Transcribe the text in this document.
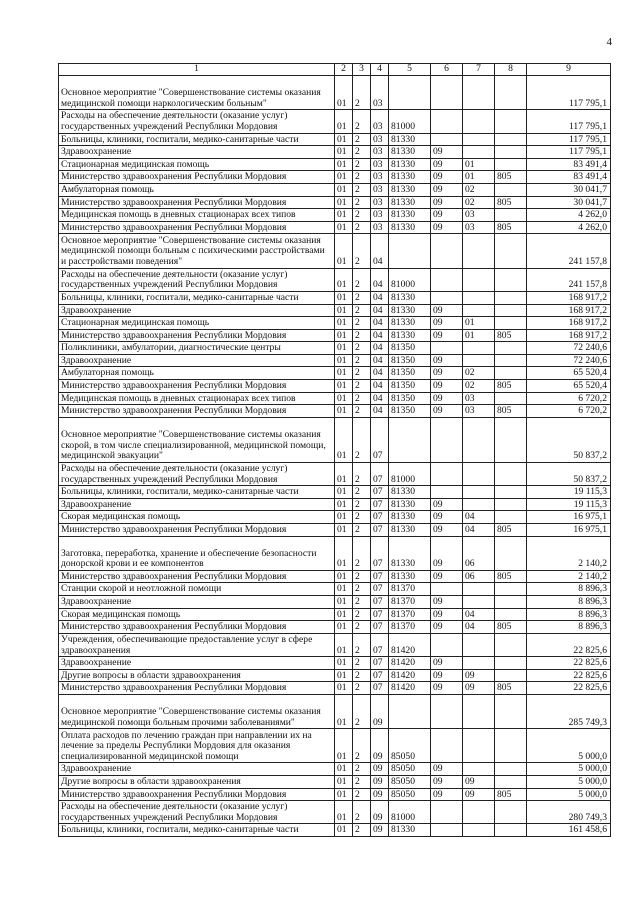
4
1	2	3	4	5	6	7	8	9
Основное мероприятие "Совершенствование системы оказания медицинской помощи наркологическим больным"	01	2	03					117 795,1
Расходы на обеспечение деятельности (оказание услуг) государственных учреждений Республики Мордовия	01	2	03	81000				117 795,1
Больницы, клиники, госпитали, медико-санитарные части	01	2	03	81330				117 795,1
Здравоохранение	01	2	03	81330	09			117 795,1
Стационарная медицинская помощь	01	2	03	81330	09	01		83 491,4
Министерство здравоохранения Республики Мордовия	01	2	03	81330	09	01	805	83 491,4
Амбулаторная помощь	01	2	03	81330	09	02		30 041,7
Министерство здравоохранения Республики Мордовия	01	2	03	81330	09	02	805	30 041,7
Медицинская помощь в дневных стационарах всех типов	01	2	03	81330	09	03		4 262,0
Министерство здравоохранения Республики Мордовия	01	2	03	81330	09	03	805	4 262,0
Основное мероприятие "Совершенствование системы оказания медицинской помощи больным с психическими расстройствами и расстройствами поведения"	01	2	04					241 157,8
Расходы на обеспечение деятельности (оказание услуг) государственных учреждений Республики Мордовия	01	2	04	81000				241 157,8
Больницы, клиники, госпитали, медико-санитарные части	01	2	04	81330				168 917,2
Здравоохранение	01	2	04	81330	09			168 917,2
Стационарная медицинская помощь	01	2	04	81330	09	01		168 917,2
Министерство здравоохранения Республики Мордовия	01	2	04	81330	09	01	805	168 917,2
Поликлиники, амбулатории, диагностические центры	01	2	04	81350				72 240,6
Здравоохранение	01	2	04	81350	09			72 240,6
Амбулаторная помощь	01	2	04	81350	09	02		65 520,4
Министерство здравоохранения Республики Мордовия	01	2	04	81350	09	02	805	65 520,4
Медицинская помощь в дневных стационарах всех типов	01	2	04	81350	09	03		6 720,2
Министерство здравоохранения Республики Мордовия	01	2	04	81350	09	03	805	6 720,2
Основное мероприятие "Совершенствование системы оказания скорой, в том числе специализированной, медицинской помощи, медицинской эвакуации"	01	2	07					50 837,2
Расходы на обеспечение деятельности (оказание услуг) государственных учреждений Республики Мордовия	01	2	07	81000				50 837,2
Больницы, клиники, госпитали, медико-санитарные части	01	2	07	81330				19 115,3
Здравоохранение	01	2	07	81330	09			19 115,3
Скорая медицинская помощь	01	2	07	81330	09	04		16 975,1
Министерство здравоохранения Республики Мордовия	01	2	07	81330	09	04	805	16 975,1
Заготовка, переработка, хранение и обеспечение безопасности донорской крови и ее компонентов	01	2	07	81330	09	06		2 140,2
Министерство здравоохранения Республики Мордовия	01	2	07	81330	09	06	805	2 140,2
Станции скорой и неотложной помощи	01	2	07	81370				8 896,3
Здравоохранение	01	2	07	81370	09			8 896,3
Скорая медицинская помощь	01	2	07	81370	09	04		8 896,3
Министерство здравоохранения Республики Мордовия	01	2	07	81370	09	04	805	8 896,3
Учреждения, обеспечивающие предоставление услуг в сфере здравоохранения	01	2	07	81420				22 825,6
Здравоохранение	01	2	07	81420	09			22 825,6
Другие вопросы в области здравоохранения	01	2	07	81420	09	09		22 825,6
Министерство здравоохранения Республики Мордовия	01	2	07	81420	09	09	805	22 825,6
Основное мероприятие "Совершенствование системы оказания медицинской помощи больным прочими заболеваниями"	01	2	09					285 749,3
Оплата расходов по лечению граждан при направлении их на лечение за пределы Республики Мордовия для оказания специализированной медицинской помощи	01	2	09	85050				5 000,0
Здравоохранение	01	2	09	85050	09			5 000,0
Другие вопросы в области здравоохранения	01	2	09	85050	09	09		5 000,0
Министерство здравоохранения Республики Мордовия	01	2	09	85050	09	09	805	5 000,0
Расходы на обеспечение деятельности (оказание услуг) государственных учреждений Республики Мордовия	01	2	09	81000				280 749,3
Больницы, клиники, госпитали, медико-санитарные части	01	2	09	81330				161 458,6
